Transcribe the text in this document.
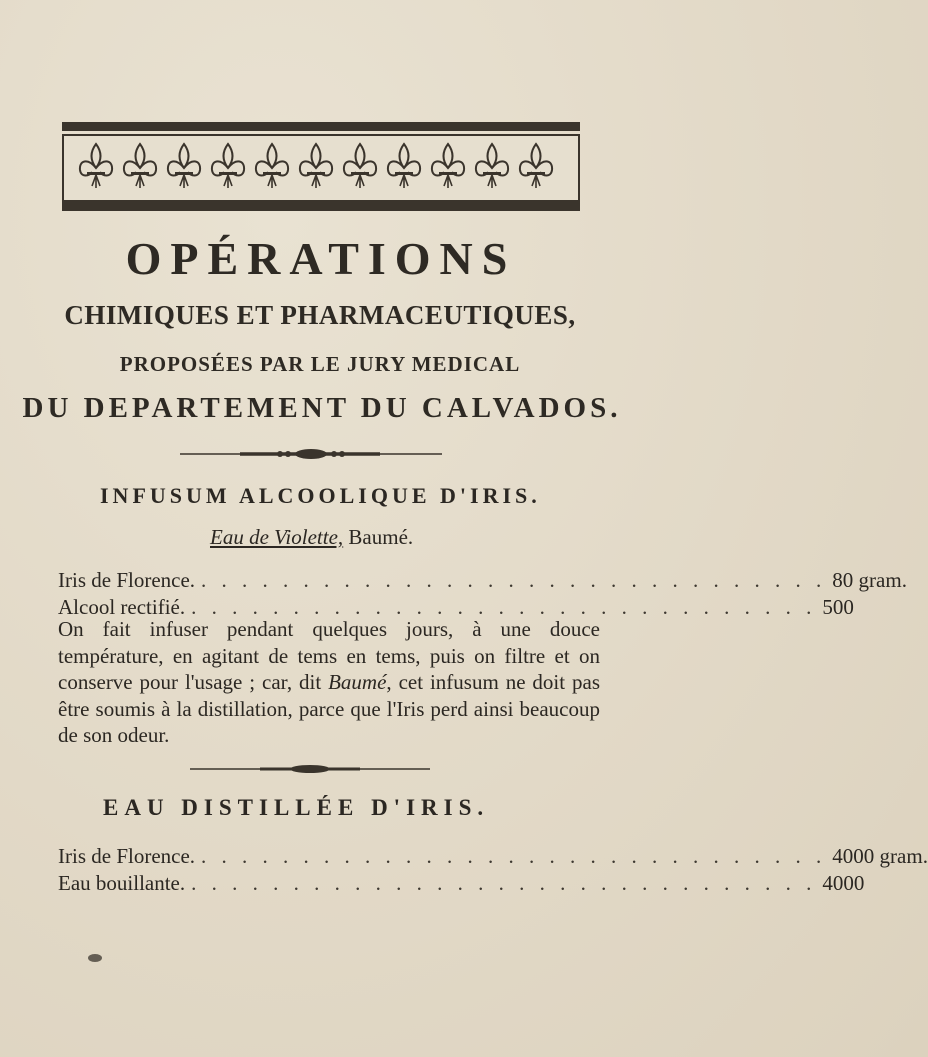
OPÉRATIONS
CHIMIQUES ET PHARMACEUTIQUES,
PROPOSÉES PAR LE JURY MEDICAL
DU DEPARTEMENT DU CALVADOS.
INFUSUM ALCOOLIQUE D'IRIS.
Eau de Violette, Baumé.
Iris de Florence. . . . . . . . . . . . . . . . . . . . . . . . . . . . . . . . 80 gram.
Alcool rectifié. . . . . . . . . . . . . . . . . . . . . . . . . . . . . . . . 500
On fait infuser pendant quelques jours, à une douce température, en agitant de tems en tems, puis on filtre et on conserve pour l'usage ; car, dit Baumé, cet infusum ne doit pas être soumis à la distillation, parce que l'Iris perd ainsi beaucoup de son odeur.
EAU DISTILLÉE D'IRIS.
Iris de Florence. . . . . . . . . . . . . . . . . . . . . . . . . . . . . . . . 4000 gram.
Eau bouillante. . . . . . . . . . . . . . . . . . . . . . . . . . . . . . . . 4000
